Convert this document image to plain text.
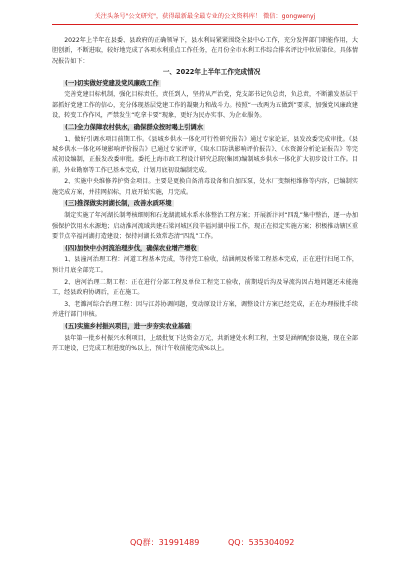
关注头条号"公文研究"，获得最新最全最专业的公文资料库！ 微信：gongwenyj

2022年上半年在县委、县政府的正确领导下，县水利局紧紧围绕全县中心工作，充分发挥部门职能作用，大胆创新，不断进取，较好地完成了各项水利重点工作任务，在月份全市水利工作综合排名评比中位居第位。具体情况报告如下：

一、2022年上半年工作完成情况

(一)切实做好党建及党风廉政工作

完善党建目标机制，强化目标责任，责任到人，坚持从严治党，党支部书记负总责，负总责，不断激发基层干部抓好党建工作的信心，充分体现基层党建工作的凝聚力和战斗力。按照“一改两为五做到”要求，加强党风廉政建设，转变工作作风，严禁发生“吃拿卡要”现象，更好为民办实事、为企业服务。

(二)全力保障农村供水，确保群众按时喝上引调水

1、做好引调水项目前期工作。《县城乡供水一体化可行性研究报告》通过专家论证，县发改委完成审批。《县城乡供水一体化环境影响评价报告》已通过专家评审，《取水口防洪影响评价报告》、《水资源分析论证报告》等完成初设编制，正报发改委审批。委托上海市政工程设计研究总院(集团)编制城乡供水一体化扩大初步设计工作。目前，外业勘察等工作已基本完成，计划月底初设编制完成。

2、实施中央维修养护资金项目。主要是更换自备消毒设备和自加压泵，处水厂变频柜维修等内容，已编制实施完成方案，并挂网招标，月底开始实施，月完成。

(三)推深做实河湖长制，改善水质环境

制定实施了年河湖长制考核细则和石龙湖流域水系水体整治工程方案；开展新汴河“四乱”集中整治，逐一办加强保护饮用水水源地；启动淮河流域共建石梁河城区段辛福河湖申报工作，现正在拟定实施方案；积极推动辖区重要节点辛福河湖打造建设；保持河湖长效常态清“四乱”工作。

(四)加快中小河流治理步伐，确保农业增产增收

1、县潼河治理工程：河道工程基本完成，等待完工验收，结涵闸及桥梁工程基本完成，正在进行扫尾工作，预计月底全部完工。

2、唐河治理二期工程：正在进行分部工程及单位工程完工验收，前期堤后沟及导流沟因占地问题还未能施工，经县政府协调后，正在施工。

3、老濉河综合治理工程：因与江苏协调问题，变动原设计方案，调整设计方案已经完成，正在办理报批手续并进行部门审核。

(五)实施乡村振兴项目，进一步夯实农业基础

县年第一批乡村振兴水利项目，上级批复下达资金万元，共新建处水利工程，主要是涵闸配套设施，现在全部开工建设，已完成工程进度的%以上，预计午收前能完成%以上。

QQ群：31991489	QQ：535304092
